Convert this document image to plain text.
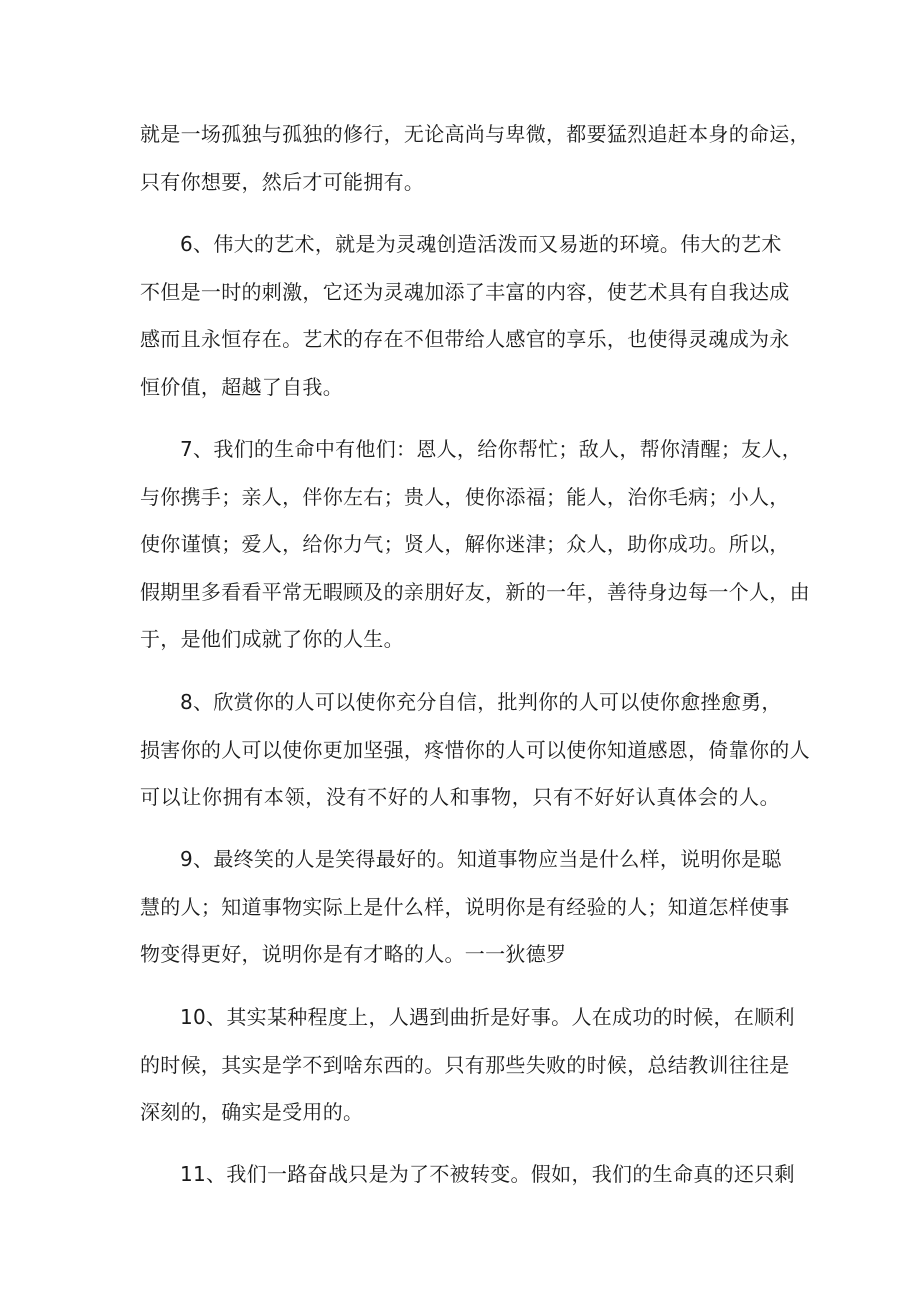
就是一场孤独与孤独的修行，无论高尚与卑微，都要猛烈追赶本身的命运，
只有你想要，然后才可能拥有。
6、伟大的艺术，就是为灵魂创造活泼而又易逝的环境。伟大的艺术
不但是一时的刺激，它还为灵魂加添了丰富的内容，使艺术具有自我达成
感而且永恒存在。艺术的存在不但带给人感官的享乐，也使得灵魂成为永
恒价值，超越了自我。
7、我们的生命中有他们：恩人，给你帮忙；敌人，帮你清醒；友人，
与你携手；亲人，伴你左右；贵人，使你添福；能人，治你毛病；小人，
使你谨慎；爱人，给你力气；贤人，解你迷津；众人，助你成功。所以，
假期里多看看平常无暇顾及的亲朋好友，新的一年，善待身边每一个人，由
于，是他们成就了你的人生。
8、欣赏你的人可以使你充分自信，批判你的人可以使你愈挫愈勇，
损害你的人可以使你更加坚强，疼惜你的人可以使你知道感恩，倚靠你的人
可以让你拥有本领，没有不好的人和事物，只有不好好认真体会的人。
9、最终笑的人是笑得最好的。知道事物应当是什么样，说明你是聪
慧的人；知道事物实际上是什么样，说明你是有经验的人；知道怎样使事
物变得更好，说明你是有才略的人。一一狄德罗
10、其实某种程度上，人遇到曲折是好事。人在成功的时候，在顺利
的时候，其实是学不到啥东西的。只有那些失败的时候，总结教训往往是
深刻的，确实是受用的。
11、我们一路奋战只是为了不被转变。假如，我们的生命真的还只剩
